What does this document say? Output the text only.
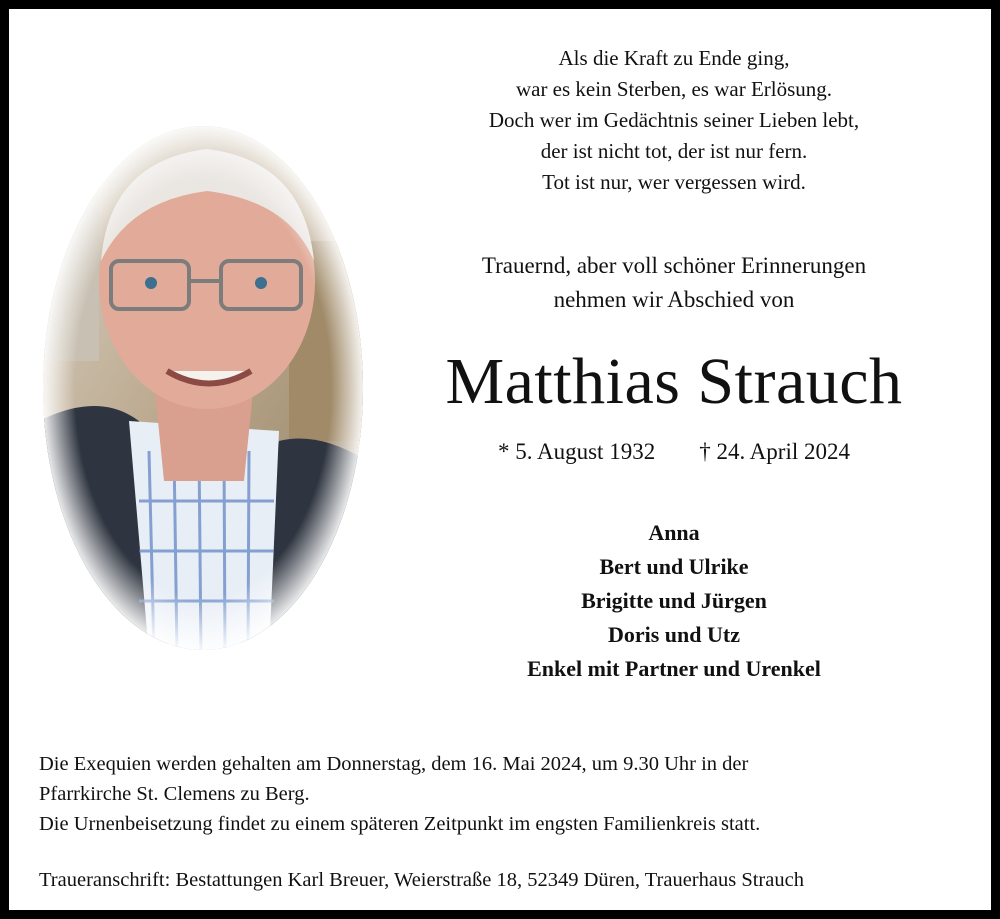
Als die Kraft zu Ende ging,
war es kein Sterben, es war Erlösung.
Doch wer im Gedächtnis seiner Lieben lebt,
der ist nicht tot, der ist nur fern.
Tot ist nur, wer vergessen wird.
Trauernd, aber voll schöner Erinnerungen
nehmen wir Abschied von
Matthias Strauch
* 5. August 1932 † 24. April 2024
Anna
Bert und Ulrike
Brigitte und Jürgen
Doris und Utz
Enkel mit Partner und Urenkel
Die Exequien werden gehalten am Donnerstag, dem 16. Mai 2024, um 9.30 Uhr in der
Pfarrkirche St. Clemens zu Berg.
Die Urnenbeisetzung findet zu einem späteren Zeitpunkt im engsten Familienkreis statt.
Traueranschrift: Bestattungen Karl Breuer, Weierstraße 18, 52349 Düren, Trauerhaus Strauch
